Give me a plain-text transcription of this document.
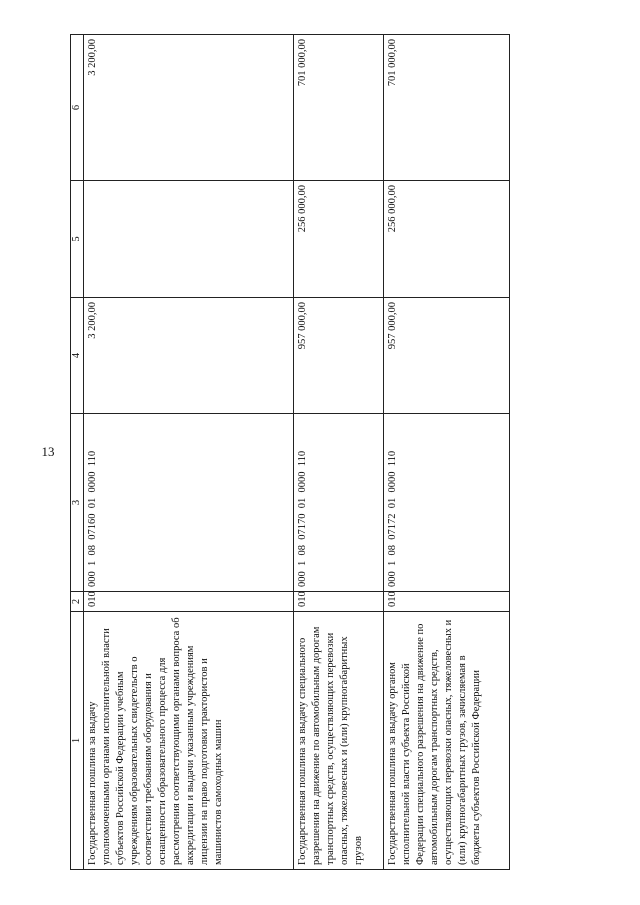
13
1	2	3	4	5	6
Государственная пошлина за выдачу уполномоченными органами исполнительной власти субъектов Российской Федерации учебным учреждениям образовательных свидетельств о соответствии требованиям оборудования и оснащенности образовательного процесса для рассмотрения соответствующими органами вопроса об аккредитации и выдачи указанным учреждениям лицензии на право подготовки трактористов и машинистов самоходных машин	010	000  1  08  07160  01  0000  110	3 200,00		3 200,00
Государственная пошлина за выдачу специального разрешения на движение по автомобильным дорогам транспортных средств, осуществляющих перевозки опасных, тяжеловесных и (или) крупногабаритных грузов	010	000  1  08  07170  01  0000  110	957 000,00	256 000,00	701 000,00
Государственная пошлина за выдачу органом исполнительной власти субъекта Российской Федерации специального разрешения на движение по автомобильным дорогам транспортных средств, осуществляющих перевозки опасных, тяжеловесных и (или) крупногабаритных грузов, зачисляемая в бюджеты субъектов Российской Федерации	010	000  1  08  07172  01  0000  110	957 000,00	256 000,00	701 000,00
